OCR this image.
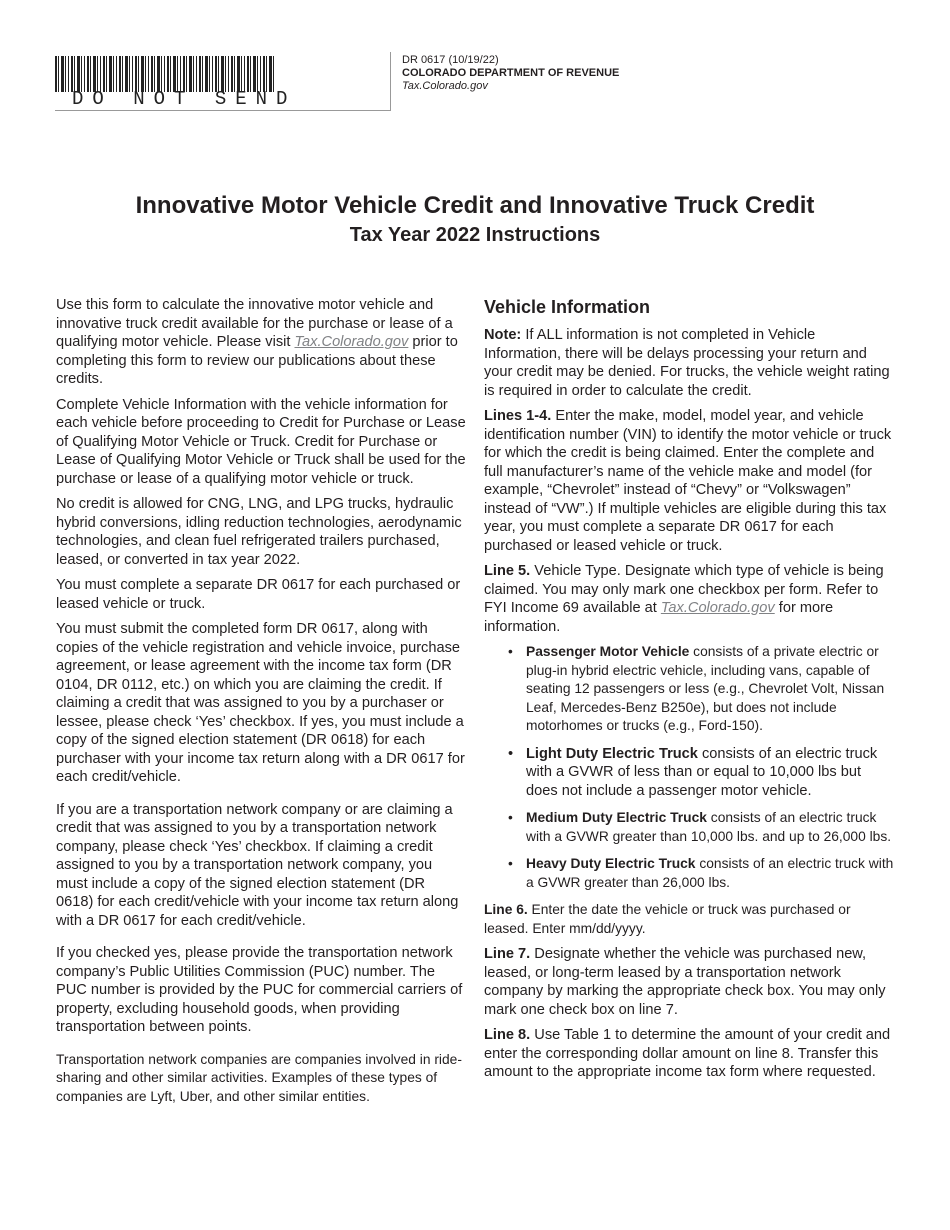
DO NOT SEND
DR 0617 (10/19/22)
COLORADO DEPARTMENT OF REVENUE
Tax.Colorado.gov
Innovative Motor Vehicle Credit and Innovative Truck Credit
Tax Year 2022 Instructions

Use this form to calculate the innovative motor vehicle and innovative truck credit available for the purchase or lease of a qualifying motor vehicle. Please visit Tax.Colorado.gov prior to completing this form to review our publications about these credits.

Complete Vehicle Information with the vehicle information for each vehicle before proceeding to Credit for Purchase or Lease of Qualifying Motor Vehicle or Truck. Credit for Purchase or Lease of Qualifying Motor Vehicle or Truck shall be used for the purchase or lease of a qualifying motor vehicle or truck.

No credit is allowed for CNG, LNG, and LPG trucks, hydraulic hybrid conversions, idling reduction technologies, aerodynamic technologies, and clean fuel refrigerated trailers purchased, leased, or converted in tax year 2022.

You must complete a separate DR 0617 for each purchased or leased vehicle or truck.

You must submit the completed form DR 0617, along with copies of the vehicle registration and vehicle invoice, purchase agreement, or lease agreement with the income tax form (DR 0104, DR 0112, etc.) on which you are claiming the credit. If claiming a credit that was assigned to you by a purchaser or lessee, please check ‘Yes’ checkbox. If yes, you must include a copy of the signed election statement (DR 0618) for each purchaser with your income tax return along with a DR 0617 for each credit/vehicle.

If you are a transportation network company or are claiming a credit that was assigned to you by a transportation network company, please check ‘Yes’ checkbox. If claiming a credit assigned to you by a transportation network company, you must include a copy of the signed election statement (DR 0618) for each credit/vehicle with your income tax return along with a DR 0617 for each credit/vehicle.

If you checked yes, please provide the transportation network company’s Public Utilities Commission (PUC) number. The PUC number is provided by the PUC for commercial carriers of property, excluding household goods, when providing transportation between points.

Transportation network companies are companies involved in ride-sharing and other similar activities. Examples of these types of companies are Lyft, Uber, and other similar entities.

Vehicle Information

Note: If ALL information is not completed in Vehicle Information, there will be delays processing your return and your credit may be denied. For trucks, the vehicle weight rating is required in order to calculate the credit.

Lines 1-4. Enter the make, model, model year, and vehicle identification number (VIN) to identify the motor vehicle or truck for which the credit is being claimed. Enter the complete and full manufacturer’s name of the vehicle make and model (for example, “Chevrolet” instead of “Chevy” or “Volkswagen” instead of “VW”.) If multiple vehicles are eligible during this tax year, you must complete a separate DR 0617 for each purchased or leased vehicle or truck.

Line 5. Vehicle Type. Designate which type of vehicle is being claimed. You may only mark one checkbox per form. Refer to FYI Income 69 available at Tax.Colorado.gov for more information.

• Passenger Motor Vehicle consists of a private electric or plug-in hybrid electric vehicle, including vans, capable of seating 12 passengers or less (e.g., Chevrolet Volt, Nissan Leaf, Mercedes-Benz B250e), but does not include motorhomes or trucks (e.g., Ford-150).
• Light Duty Electric Truck consists of an electric truck with a GVWR of less than or equal to 10,000 lbs but does not include a passenger motor vehicle.
• Medium Duty Electric Truck consists of an electric truck with a GVWR greater than 10,000 lbs. and up to 26,000 lbs.
• Heavy Duty Electric Truck consists of an electric truck with a GVWR greater than 26,000 lbs.

Line 6. Enter the date the vehicle or truck was purchased or leased. Enter mm/dd/yyyy.

Line 7. Designate whether the vehicle was purchased new, leased, or long-term leased by a transportation network company by marking the appropriate check box. You may only mark one check box on line 7.

Line 8. Use Table 1 to determine the amount of your credit and enter the corresponding dollar amount on line 8. Transfer this amount to the appropriate income tax form where requested.
